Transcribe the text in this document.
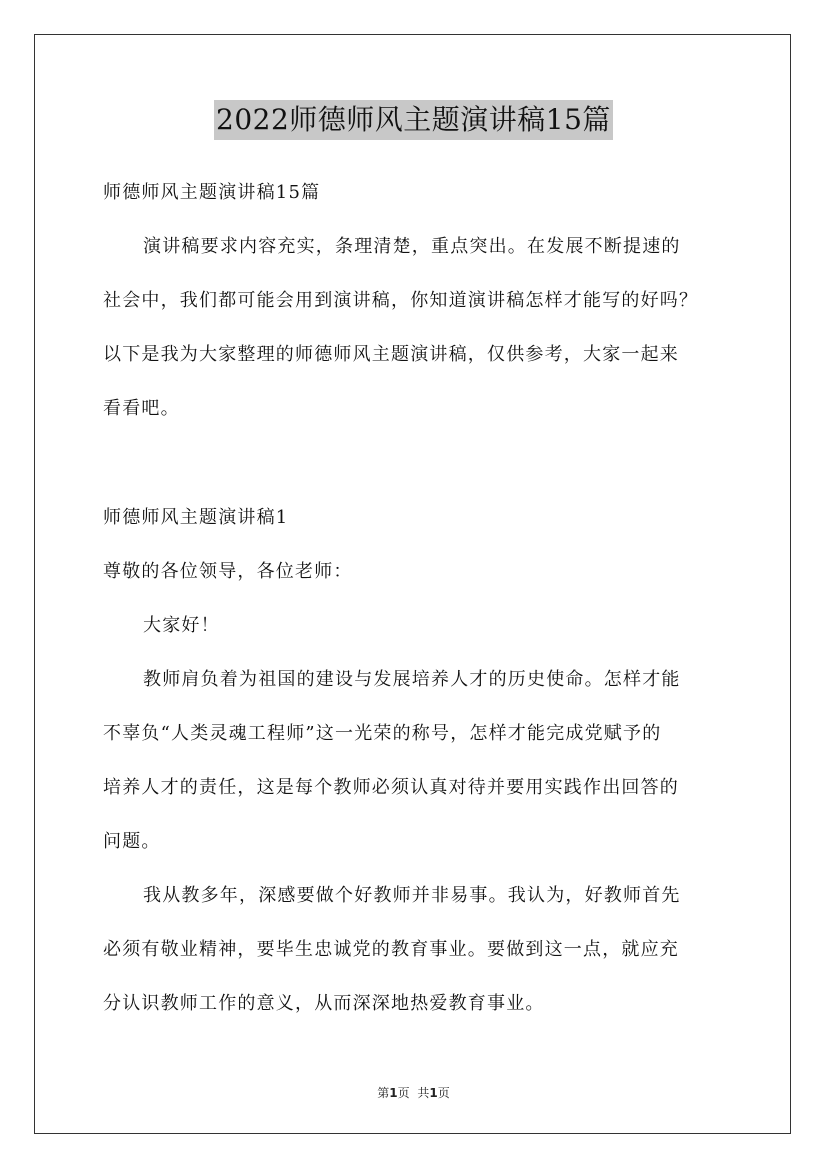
2022师德师风主题演讲稿15篇
师德师风主题演讲稿15篇
演讲稿要求内容充实，条理清楚，重点突出。在发展不断提速的
社会中，我们都可能会用到演讲稿，你知道演讲稿怎样才能写的好吗？
以下是我为大家整理的师德师风主题演讲稿，仅供参考，大家一起来
看看吧。
师德师风主题演讲稿1
尊敬的各位领导，各位老师：
大家好！
教师肩负着为祖国的建设与发展培养人才的历史使命。怎样才能
不辜负“人类灵魂工程师”这一光荣的称号，怎样才能完成党赋予的
培养人才的责任，这是每个教师必须认真对待并要用实践作出回答的
问题。
我从教多年，深感要做个好教师并非易事。我认为，好教师首先
必须有敬业精神，要毕生忠诚党的教育事业。要做到这一点，就应充
分认识教师工作的意义，从而深深地热爱教育事业。
第1页 共1页
